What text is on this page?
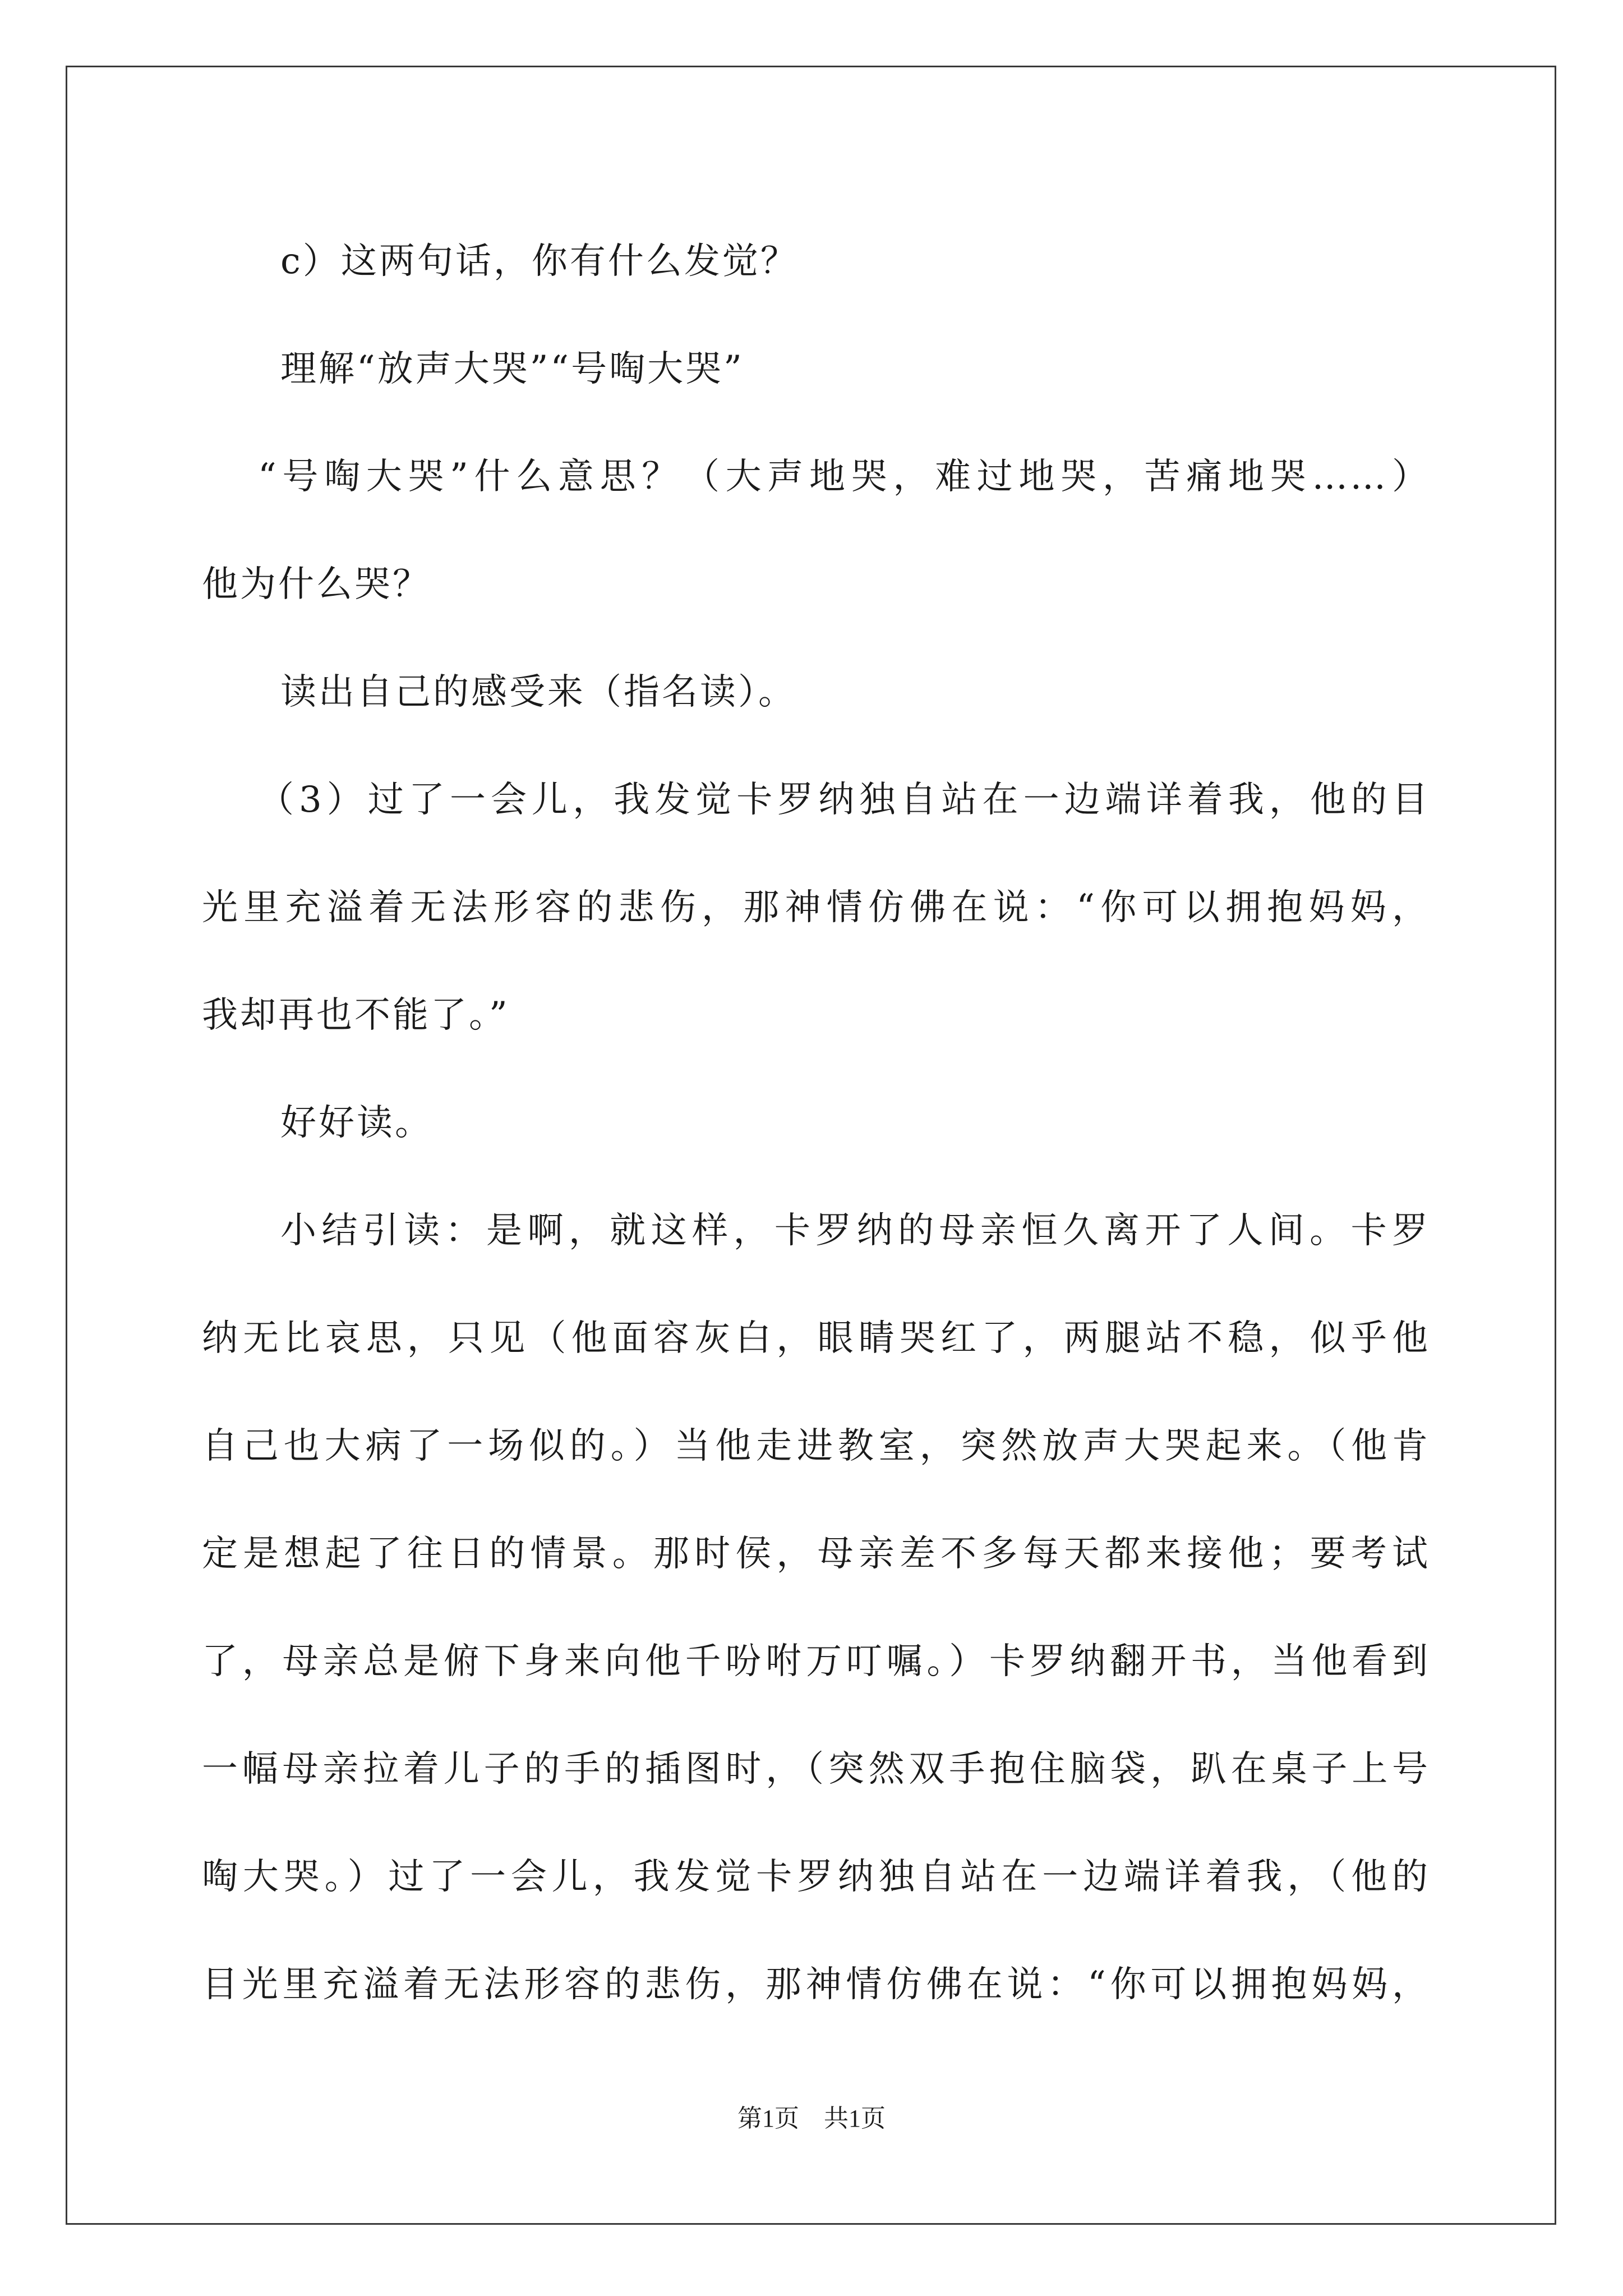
c）这两句话，你有什么发觉？
理解“放声大哭”“号啕大哭”
“号啕大哭”什么意思？（大声地哭，难过地哭，苦痛地哭……）
他为什么哭？
读出自己的感受来（指名读）。
（3）过了一会儿，我发觉卡罗纳独自站在一边端详着我，他的目
光里充溢着无法形容的悲伤，那神情仿佛在说：“你可以拥抱妈妈，
我却再也不能了。”
好好读。
小结引读：是啊，就这样，卡罗纳的母亲恒久离开了人间。卡罗
纳无比哀思，只见（他面容灰白，眼睛哭红了，两腿站不稳，似乎他
自己也大病了一场似的。）当他走进教室，突然放声大哭起来。（他肯
定是想起了往日的情景。那时侯，母亲差不多每天都来接他；要考试
了，母亲总是俯下身来向他千吩咐万叮嘱。）卡罗纳翻开书，当他看到
一幅母亲拉着儿子的手的插图时，（突然双手抱住脑袋，趴在桌子上号
啕大哭。）过了一会儿，我发觉卡罗纳独自站在一边端详着我，（他的
目光里充溢着无法形容的悲伤，那神情仿佛在说：“你可以拥抱妈妈，
第1页　共1页
